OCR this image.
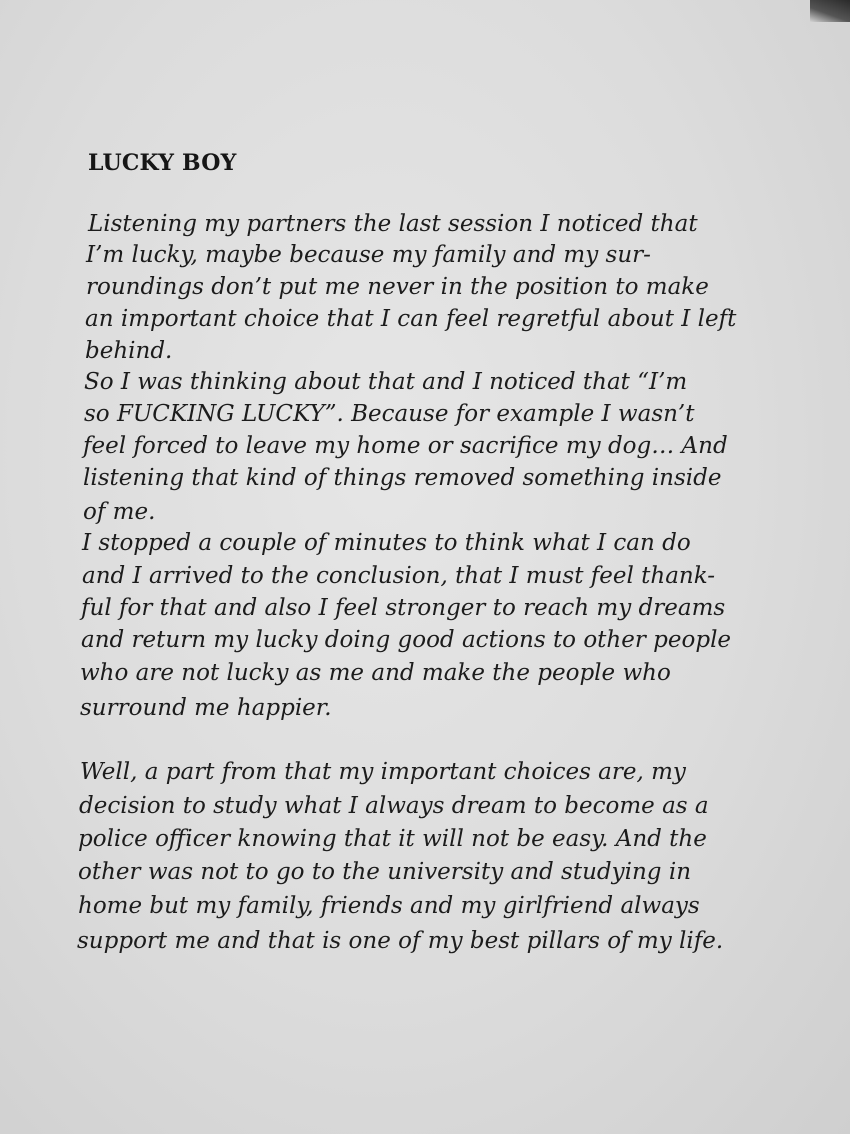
LUCKY BOY

Listening my partners the last session I noticed that

I’m lucky, maybe because my family and my sur-

roundings don’t put me never in the position to make

an important choice that I can feel regretful about I left

behind.

So I was thinking about that and I noticed that “I’m

so FUCKING LUCKY”. Because for example I wasn’t

feel forced to leave my home or sacrifice my dog… And

listening that kind of things removed something inside

of me.

I stopped a couple of minutes to think what I can do

and I arrived to the conclusion, that I must feel thank-

ful for that and also I feel stronger to reach my dreams

and return my lucky doing good actions to other people

who are not lucky as me and make the people who

surround me happier.

Well, a part from that my important choices are, my

decision to study what I always dream to become as a

police officer knowing that it will not be easy. And the

other was not to go to the university and studying in

home but my family, friends and my girlfriend always

support me and that is one of my best pillars of my life.
